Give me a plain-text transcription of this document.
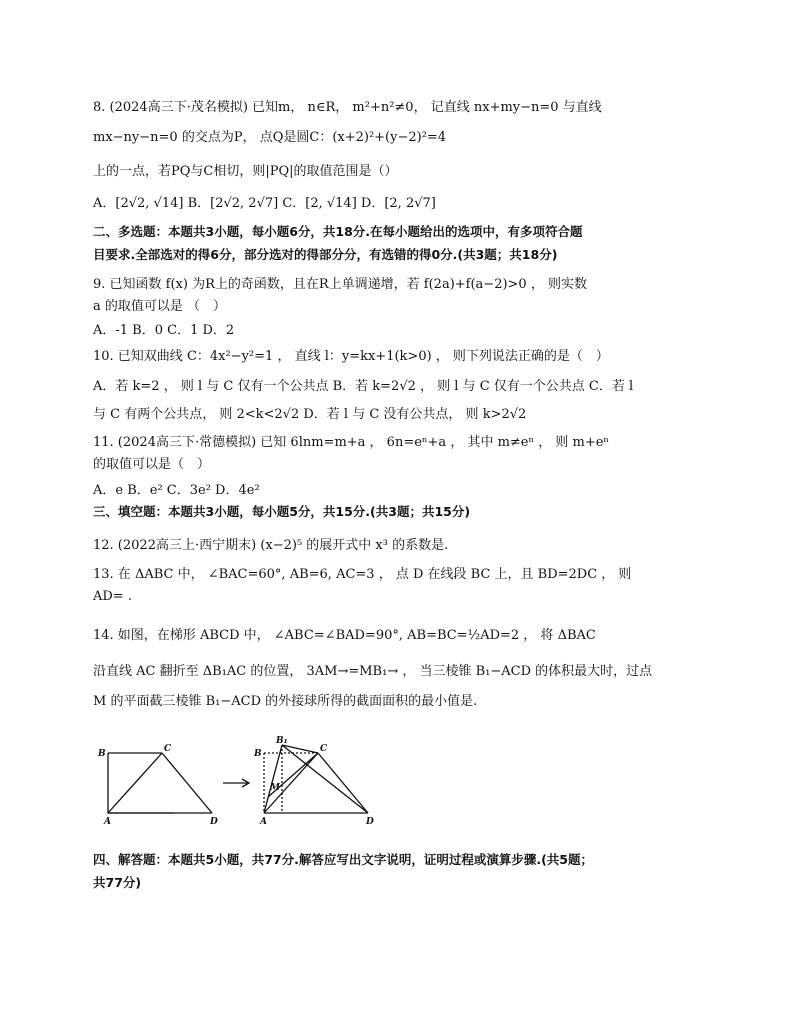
8. (2024高三下·茂名模拟) 已知m， n∈R， m²+n²≠0， 记直线 nx+my−n=0 与直线
mx−ny−n=0 的交点为P， 点Q是圆C：(x+2)²+(y−2)²=4
上的一点，若PQ与C相切，则|PQ|的取值范围是（）
A．[2√2, √14] B．[2√2, 2√7] C．[2, √14] D．[2, 2√7]
二、多选题：本题共3小题，每小题6分，共18分.在每小题给出的选项中，有多项符合题
目要求.全部选对的得6分，部分选对的得部分分，有选错的得0分.(共3题；共18分)
9. 已知函数 f(x) 为R上的奇函数，且在R上单调递增，若 f(2a)+f(a−2)>0 ， 则实数
a 的取值可以是 （　）
A．-1 B．0 C．1 D．2
10. 已知双曲线 C：4x²−y²=1 ， 直线 l：y=kx+1(k>0) ， 则下列说法正确的是（　）
A．若 k=2 ， 则 l 与 C 仅有一个公共点 B．若 k=2√2 ， 则 l 与 C 仅有一个公共点 C．若 l
与 C 有两个公共点， 则 2<k<2√2 D．若 l 与 C 没有公共点， 则 k>2√2
11. (2024高三下·常德模拟) 已知 6lnm=m+a ， 6n=eⁿ+a ， 其中 m≠eⁿ ， 则 m+eⁿ
的取值可以是（　）
A．e B．e² C．3e² D．4e²
三、填空题：本题共3小题，每小题5分，共15分.(共3题；共15分)
12. (2022高三上·西宁期末) (x−2)⁵ 的展开式中 x³ 的系数是.
13. 在 ΔABC 中， ∠BAC=60°, AB=6, AC=3 ， 点 D 在线段 BC 上，且 BD=2DC ， 则
AD= .
14. 如图，在梯形 ABCD 中， ∠ABC=∠BAD=90°, AB=BC=½AD=2 ， 将 ΔBAC
沿直线 AC 翻折至 ΔB₁AC 的位置， 3AM→=MB₁→ ， 当三棱锥 B₁−ACD 的体积最大时，过点
M 的平面截三棱锥 B₁−ACD 的外接球所得的截面面积的最小值是.
B	C
A	D
B
B₁
C
M
A	D
四、解答题：本题共5小题，共77分.解答应写出文字说明，证明过程或演算步骤.(共5题；
共77分)
